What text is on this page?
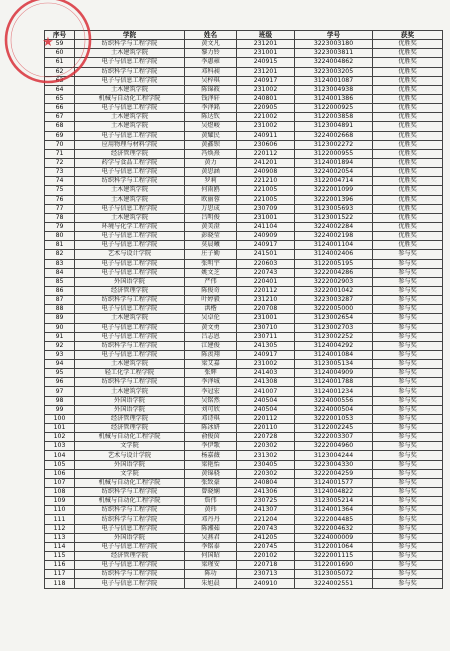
序号	学院	姓名	班级	学号	获奖
59	纺织科学与工程学院	黄文凡	231201	3223003180	优胜奖
60	土木建筑学院	黎力铃	231001	3223003811	优胜奖
61	电子与信息工程学院	李惠雍	240915	3224004862	优胜奖
62	纺织科学与工程学院	邓科昶	231201	3223003205	优胜奖
63	电子与信息工程学院	吴梓琪	240917	3124001087	优胜奖
64	土木建筑学院	陈锦筱	231002	3123004938	优胜奖
65	机械与自动化工程学院	钱泽轩	240801	3124001386	优胜奖
66	电子与信息工程学院	李泽銘	220905	3122000925	优胜奖
67	土木建筑学院	陈达钦	221002	3122003858	优胜奖
68	土木建筑学院	吴煜峻	231002	3123004891	优胜奖
69	电子与信息工程学院	黄耀民	240911	3224002668	优胜奖
70	应用物理与材料学院	黄鑫钡	230606	3123002272	优胜奖
71	经济管理学院	冯焕熹	220112	3122000955	优胜奖
72	药学与食品工程学院	黄力	241201	3124001894	优胜奖
73	电子与信息工程学院	黄思涵	240908	3224002054	优胜奖
74	纺织科学与工程学院	罗莉	221210	3122004714	优胜奖
75	土木建筑学院	何雨鸥	221005	3222001099	优胜奖
76	土木建筑学院	欧丽蓉	221005	3222001396	优胜奖
77	电子与信息工程学院	万思成	230709	3123005693	优胜奖
78	土木建筑学院	吕明俊	231001	3123001522	优胜奖
79	环境与化学工程学院	黄美澄	241104	3224002284	优胜奖
80	电子与信息工程学院	彭晓莹	240909	3224002198	优胜奖
81	电子与信息工程学院	莫晨曦	240917	3124001104	优胜奖
82	艺术与设计学院	庄子勤	241501	3124002406	参与奖
83	电子与信息工程学院	张明宇	220603	3122005195	参与奖
84	电子与信息工程学院	姚文芝	220743	3222004286	参与奖
85	外国语学院	严伟	220401	3222002903	参与奖
86	经济管理学院	陈俊奇	220112	3222001042	参与奖
87	纺织科学与工程学院	叶婷毅	231210	3223003287	参与奖
88	电子与信息工程学院	洪楷	220708	3222005000	参与奖
89	土木建筑学院	吴卓伦	231001	3123002654	参与奖
90	电子与信息工程学院	黄文勇	230710	3123002703	参与奖
91	电子与信息工程学院	吕志恩	230711	3123002252	参与奖
92	纺织科学与工程学院	江建俊	241305	3124004292	参与奖
93	电子与信息工程学院	陈羡翔	240917	3124001084	参与奖
94	土木建筑学院	梁艾嘉	231002	3123005134	参与奖
95	轻工化学工程学院	张辉	241403	3124004909	参与奖
96	纺织科学与工程学院	李泽城	241308	3124001788	参与奖
97	土木建筑学院	李冠宏	241007	3124001234	参与奖
98	外国语学院	吴铭然	240504	3224000556	参与奖
99	外国语学院	刘可欣	240504	3224000504	参与奖
100	经济管理学院	邓诗琪	220112	3222001053	参与奖
101	经济管理学院	陈冰妍	220110	3122002245	参与奖
102	机械与自动化工程学院	俞俊茵	220728	3222003307	参与奖
103	文学院	李伊歌	220302	3222004960	参与奖
104	艺术与设计学院	杨嘉薇	231302	3123004244	参与奖
105	外国语学院	梁艳怡	230405	3223004330	参与奖
106	文学院	黄锦骁	220302	3222004259	参与奖
107	机械与自动化工程学院	张致豪	240804	3124001577	参与奖
108	纺织科学与工程学院	曾晓娴	241306	3124004822	参与奖
109	机械与自动化工程学院	詹伟	230725	3123005214	参与奖
110	纺织科学与工程学院	黄玮	241307	3124001364	参与奖
111	纺织科学与工程学院	邓丹丹	221204	3222004485	参与奖
112	电子与信息工程学院	陈湘茹	220743	3222004632	参与奖
113	外国语学院	吴燕君	241205	3224000009	参与奖
114	电子与信息工程学院	李铭泰	220745	3122001064	参与奖
115	经济管理学院	何国昭	220102	3222001115	参与奖
116	电子与信息工程学院	梁瑾安	220718	3122001690	参与奖
117	纺织科学与工程学院	陈功	230713	3123005072	参与奖
118	电子与信息工程学院	朱旭晨	240910	3224002551	参与奖
★
